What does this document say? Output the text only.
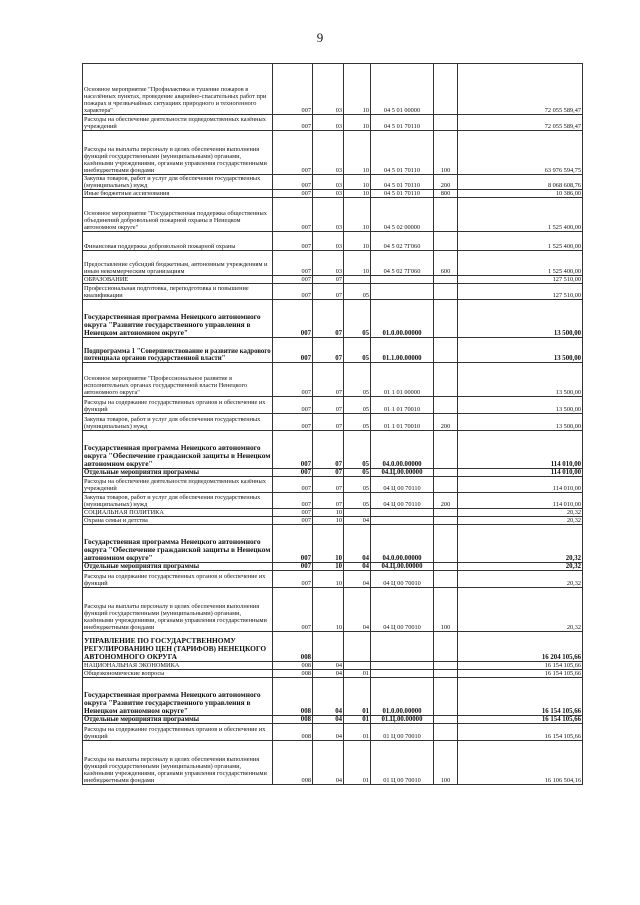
9
Основное мероприятие "Профилактика и тушение пожаров в населённых пунктах, проведение аварийно-спасательных работ при пожарах и чрезвычайных ситуациях природного и техногенного характера"	007	03	10	04 5 01 00000		72 055 589,47
Расходы на обеспечение деятельности подведомственных казённых учреждений	007	03	10	04 5 01 70110		72 055 589,47
Расходы на выплаты персоналу в целях обеспечения выполнения функций государственными (муниципальными) органами, казёнными учреждениями, органами управления государственными внебюджетными фондами	007	03	10	04 5 01 70110	100	63 976 594,75
Закупка товаров, работ и услуг для обеспечения государственных (муниципальных) нужд	007	03	10	04 5 01 70110	200	8 068 608,76
Иные бюджетные ассигнования	007	03	10	04 5 01 70110	800	10 386,00
Основное мероприятие "Государственная поддержка общественных объединений добровольной пожарной охраны в Ненецком автономном округе"	007	03	10	04 5 02 00000		1 525 400,00
Финансовая поддержка добровольной пожарной охраны	007	03	10	04 5 02 7Г060		1 525 400,00
Предоставление субсидий бюджетным, автономным учреждениям и иным некоммерческим организациям	007	03	10	04 5 02 7Г060	600	1 525 400,00
ОБРАЗОВАНИЕ	007	07				127 510,00
Профессиональная подготовка, переподготовка и повышение квалификации	007	07	05			127 510,00
Государственная программа Ненецкого автономного округа "Развитие государственного управления в Ненецком автономном округе"	007	07	05	01.0.00.00000		13 500,00
Подпрограмма 1 "Совершенствование и развитие кадрового потенциала органов государственной власти"	007	07	05	01.1.00.00000		13 500,00
Основное мероприятие "Профессиональное развитие в исполнительных органах государственной власти Ненецкого автономного округа"	007	07	05	01 1 01 00000		13 500,00
Расходы на содержание государственных органов и обеспечение их функций	007	07	05	01 1 01 70010		13 500,00
Закупка товаров, работ и услуг для обеспечения государственных (муниципальных) нужд	007	07	05	01 1 01 70010	200	13 500,00
Государственная программа Ненецкого автономного округа "Обеспечение гражданской защиты в Ненецком автономном округе"	007	07	05	04.0.00.00000		114 010,00
Отдельные мероприятия программы	007	07	05	04.Ц.00.00000		114 010,00
Расходы на обеспечение деятельности подведомственных казённых учреждений	007	07	05	04 Ц 00 70110		114 010,00
Закупка товаров, работ и услуг для обеспечения государственных (муниципальных) нужд	007	07	05	04 Ц 00 70110	200	114 010,00
СОЦИАЛЬНАЯ ПОЛИТИКА	007	10				20,32
Охрана семьи и детства	007	10	04			20,32
Государственная программа Ненецкого автономного округа "Обеспечение гражданской защиты в Ненецком автономном округе"	007	10	04	04.0.00.00000		20,32
Отдельные мероприятия программы	007	10	04	04.Ц.00.00000		20,32
Расходы на содержание государственных органов и обеспечение их функций	007	10	04	04 Ц 00 70010		20,32
Расходы на выплаты персоналу в целях обеспечения выполнения функций государственными (муниципальными) органами, казёнными учреждениями, органами управления государственными внебюджетными фондами	007	10	04	04 Ц 00 70010	100	20,32
УПРАВЛЕНИЕ ПО ГОСУДАРСТВЕННОМУ РЕГУЛИРОВАНИЮ ЦЕН (ТАРИФОВ) НЕНЕЦКОГО АВТОНОМНОГО ОКРУГА	008					16 204 105,66
НАЦИОНАЛЬНАЯ ЭКОНОМИКА	008	04				16 154 105,66
Общеэкономические вопросы	008	04	01			16 154 105,66
Государственная программа Ненецкого автономного округа "Развитие государственного управления в Ненецком автономном округе"	008	04	01	01.0.00.00000		16 154 105,66
Отдельные мероприятия программы	008	04	01	01.Ц.00.00000		16 154 105,66
Расходы на содержание государственных органов и обеспечение их функций	008	04	01	01 Ц 00 70010		16 154 105,66
Расходы на выплаты персоналу в целях обеспечения выполнения функций государственными (муниципальными) органами, казёнными учреждениями, органами управления государственными внебюджетными фондами	008	04	01	01 Ц 00 70010	100	16 106 504,16
